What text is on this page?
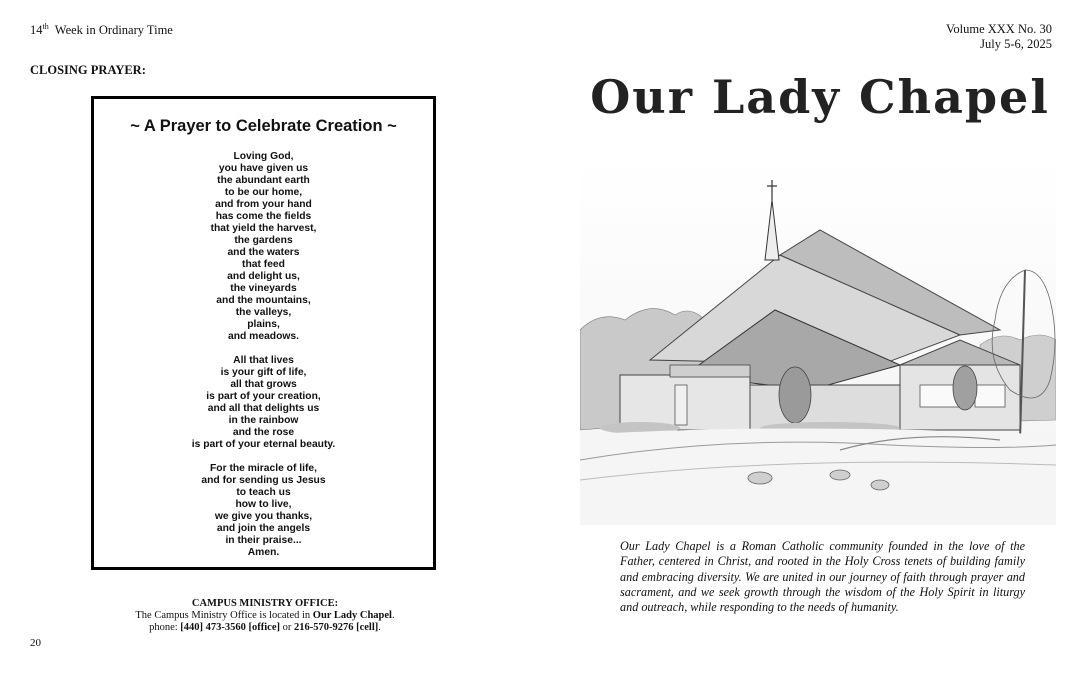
14th Week in Ordinary Time	Volume XXX No. 30
July 5-6, 2025
CLOSING PRAYER:
~ A Prayer to Celebrate Creation ~
Loving God,
you have given us
the abundant earth
to be our home,
and from your hand
has come the fields
that yield the harvest,
the gardens
and the waters
that feed
and delight us,
the vineyards
and the mountains,
the valleys,
plains,
and meadows.
All that lives
is your gift of life,
all that grows
is part of your creation,
and all that delights us
in the rainbow
and the rose
is part of your eternal beauty.
For the miracle of life,
and for sending us Jesus
to teach us
how to live,
we give you thanks,
and join the angels
in their praise...
Amen.
CAMPUS MINISTRY OFFICE:
The Campus Ministry Office is located in Our Lady Chapel.
phone: [440] 473-3560 [office] or 216-570-9276 [cell].
20
Our Lady Chapel
Our Lady Chapel is a Roman Catholic community founded in the love of the Father, centered in Christ, and rooted in the Holy Cross tenets of building family and embracing diversity. We are united in our journey of faith through prayer and sacrament, and we seek growth through the wisdom of the Holy Spirit in liturgy and outreach, while responding to the needs of humanity.
